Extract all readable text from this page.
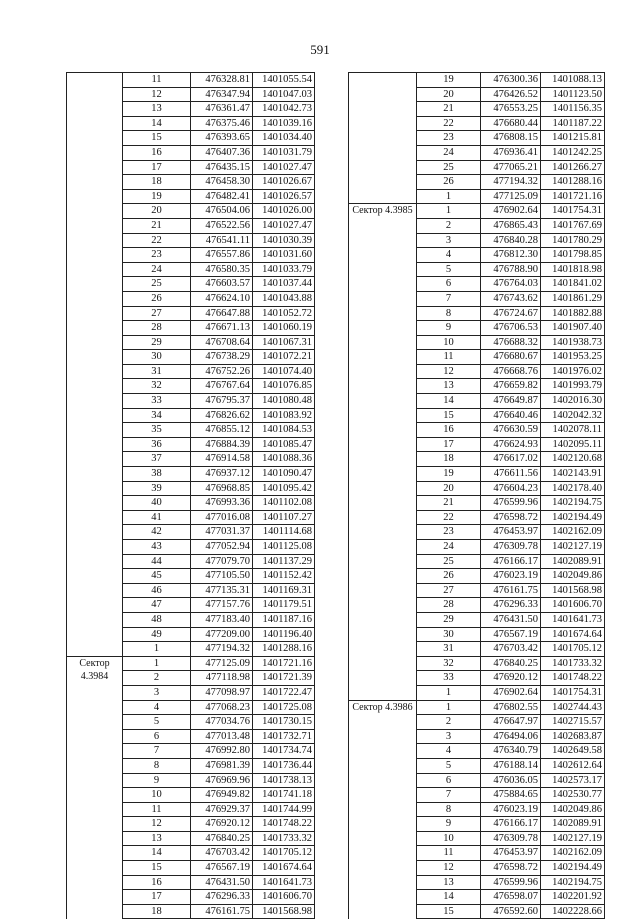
591
	11	476328.81	1401055.54
	12	476347.94	1401047.03
	13	476361.47	1401042.73
	14	476375.46	1401039.16
	15	476393.65	1401034.40
	16	476407.36	1401031.79
	17	476435.15	1401027.47
	18	476458.30	1401026.67
	19	476482.41	1401026.57
	20	476504.06	1401026.00
	21	476522.56	1401027.47
	22	476541.11	1401030.39
	23	476557.86	1401031.60
	24	476580.35	1401033.79
	25	476603.57	1401037.44
	26	476624.10	1401043.88
	27	476647.88	1401052.72
	28	476671.13	1401060.19
	29	476708.64	1401067.31
	30	476738.29	1401072.21
	31	476752.26	1401074.40
	32	476767.64	1401076.85
	33	476795.37	1401080.48
	34	476826.62	1401083.92
	35	476855.12	1401084.53
	36	476884.39	1401085.47
	37	476914.58	1401088.36
	38	476937.12	1401090.47
	39	476968.85	1401095.42
	40	476993.36	1401102.08
	41	477016.08	1401107.27
	42	477031.37	1401114.68
	43	477052.94	1401125.08
	44	477079.70	1401137.29
	45	477105.50	1401152.42
	46	477135.31	1401169.31
	47	477157.76	1401179.51
	48	477183.40	1401187.16
	49	477209.00	1401196.40
	1	477194.32	1401288.16
Сектор 4.3984	1	477125.09	1401721.16
	2	477118.98	1401721.39
	3	477098.97	1401722.47
	4	477068.23	1401725.08
	5	477034.76	1401730.15
	6	477013.48	1401732.71
	7	476992.80	1401734.74
	8	476981.39	1401736.44
	9	476969.96	1401738.13
	10	476949.82	1401741.18
	11	476929.37	1401744.99
	12	476920.12	1401748.22
	13	476840.25	1401733.32
	14	476703.42	1401705.12
	15	476567.19	1401674.64
	16	476431.50	1401641.73
	17	476296.33	1401606.70
	18	476161.75	1401568.98
	19	476300.36	1401088.13
	20	476426.52	1401123.50
	21	476553.25	1401156.35
	22	476680.44	1401187.22
	23	476808.15	1401215.81
	24	476936.41	1401242.25
	25	477065.21	1401266.27
	26	477194.32	1401288.16
	1	477125.09	1401721.16
Сектор 4.3985	1	476902.64	1401754.31
	2	476865.43	1401767.69
	3	476840.28	1401780.29
	4	476812.30	1401798.85
	5	476788.90	1401818.98
	6	476764.03	1401841.02
	7	476743.62	1401861.29
	8	476724.67	1401882.88
	9	476706.53	1401907.40
	10	476688.32	1401938.73
	11	476680.67	1401953.25
	12	476668.76	1401976.02
	13	476659.82	1401993.79
	14	476649.87	1402016.30
	15	476640.46	1402042.32
	16	476630.59	1402078.11
	17	476624.93	1402095.11
	18	476617.02	1402120.68
	19	476611.56	1402143.91
	20	476604.23	1402178.40
	21	476599.96	1402194.75
	22	476598.72	1402194.49
	23	476453.97	1402162.09
	24	476309.78	1402127.19
	25	476166.17	1402089.91
	26	476023.19	1402049.86
	27	476161.75	1401568.98
	28	476296.33	1401606.70
	29	476431.50	1401641.73
	30	476567.19	1401674.64
	31	476703.42	1401705.12
	32	476840.25	1401733.32
	33	476920.12	1401748.22
	1	476902.64	1401754.31
Сектор 4.3986	1	476802.55	1402744.43
	2	476647.97	1402715.57
	3	476494.06	1402683.87
	4	476340.79	1402649.58
	5	476188.14	1402612.64
	6	476036.05	1402573.17
	7	475884.65	1402530.77
	8	476023.19	1402049.86
	9	476166.17	1402089.91
	10	476309.78	1402127.19
	11	476453.97	1402162.09
	12	476598.72	1402194.49
	13	476599.96	1402194.75
	14	476598.07	1402201.92
	15	476592.60	1402228.66
